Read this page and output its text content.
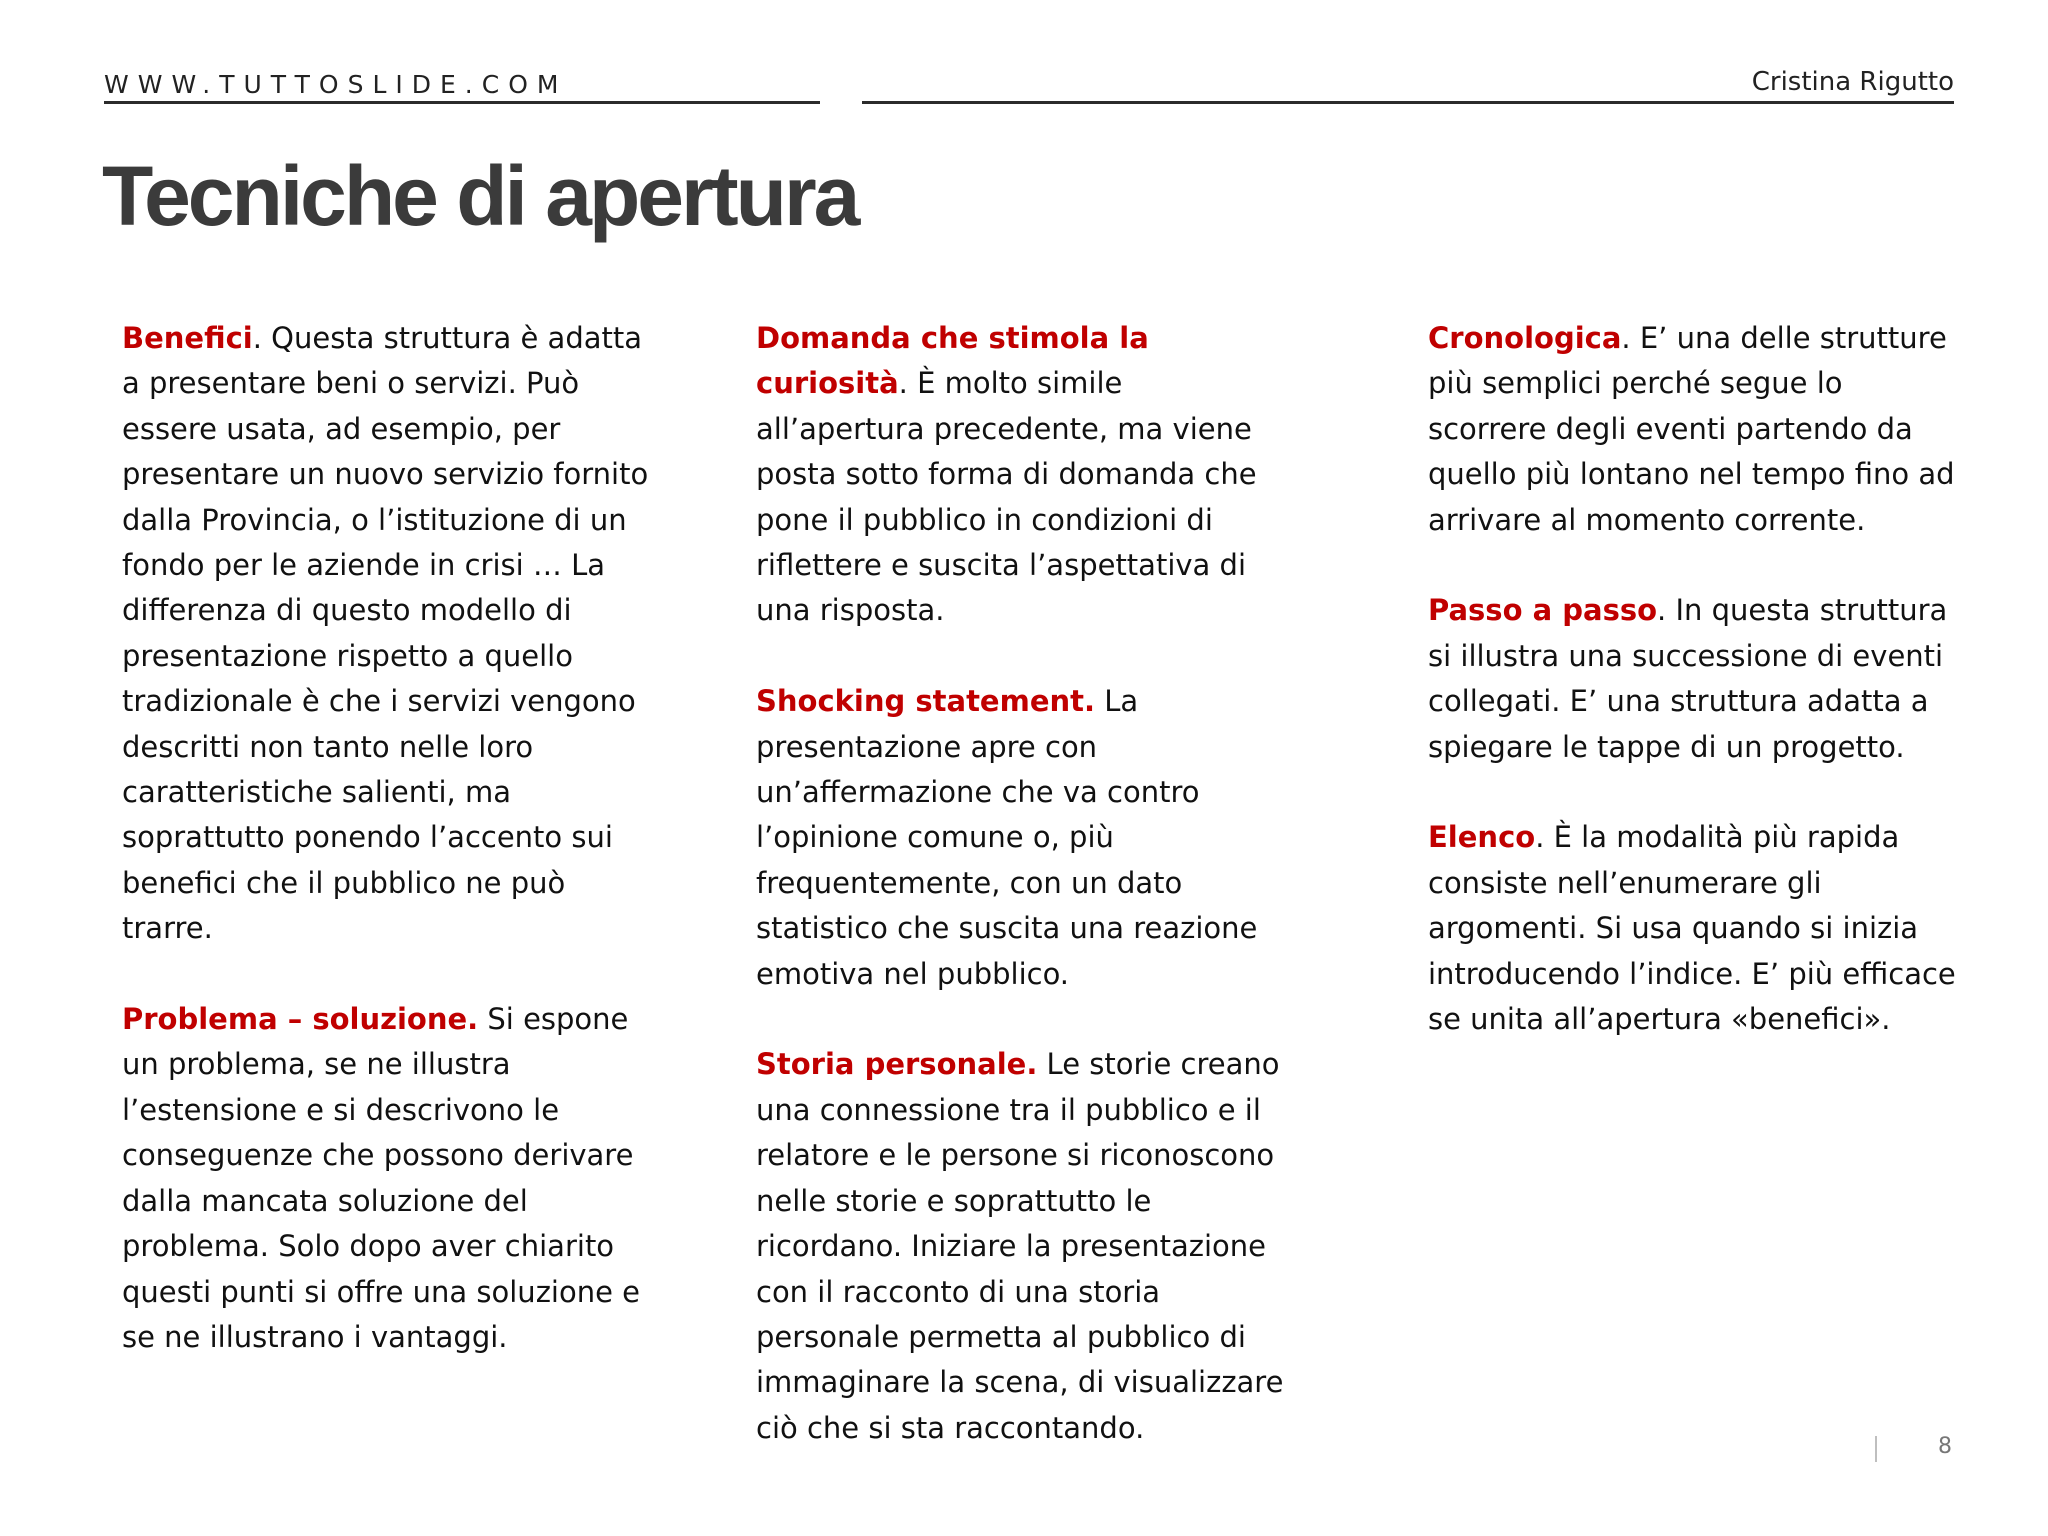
WWW.TUTTOSLIDE.COM	Cristina Rigutto
Tecniche di apertura

Benefici. Questa struttura è adatta a presentare beni o servizi. Può essere usata, ad esempio, per presentare un nuovo servizio fornito dalla Provincia, o l’istituzione di un fondo per le aziende in crisi … La differenza di questo modello di presentazione rispetto a quello tradizionale è che i servizi vengono descritti non tanto nelle loro caratteristiche salienti, ma soprattutto ponendo l’accento sui benefici che il pubblico ne può trarre.

Problema – soluzione. Si espone un problema, se ne illustra l’estensione e si descrivono le conseguenze che possono derivare dalla mancata soluzione del problema. Solo dopo aver chiarito questi punti si offre una soluzione e se ne illustrano i vantaggi.

Domanda che stimola la curiosità. È molto simile all’apertura precedente, ma viene posta sotto forma di domanda che pone il pubblico in condizioni di riflettere e suscita l’aspettativa di una risposta.

Shocking statement. La presentazione apre con un’affermazione che va contro l’opinione comune o, più frequentemente, con un dato statistico che suscita una reazione emotiva nel pubblico.

Storia personale. Le storie creano una connessione tra il pubblico e il relatore e le persone si riconoscono nelle storie e soprattutto le ricordano. Iniziare la presentazione con il racconto di una storia personale permetta al pubblico di immaginare la scena, di visualizzare ciò che si sta raccontando.

Cronologica. E’ una delle strutture più semplici perché segue lo scorrere degli eventi partendo da quello più lontano nel tempo fino ad arrivare al momento corrente.

Passo a passo. In questa struttura si illustra una successione di eventi collegati. E’ una struttura adatta a spiegare le tappe di un progetto.

Elenco. È la modalità più rapida consiste nell’enumerare gli argomenti. Si usa quando si inizia introducendo l’indice. E’ più efficace se unita all’apertura «benefici».

8
